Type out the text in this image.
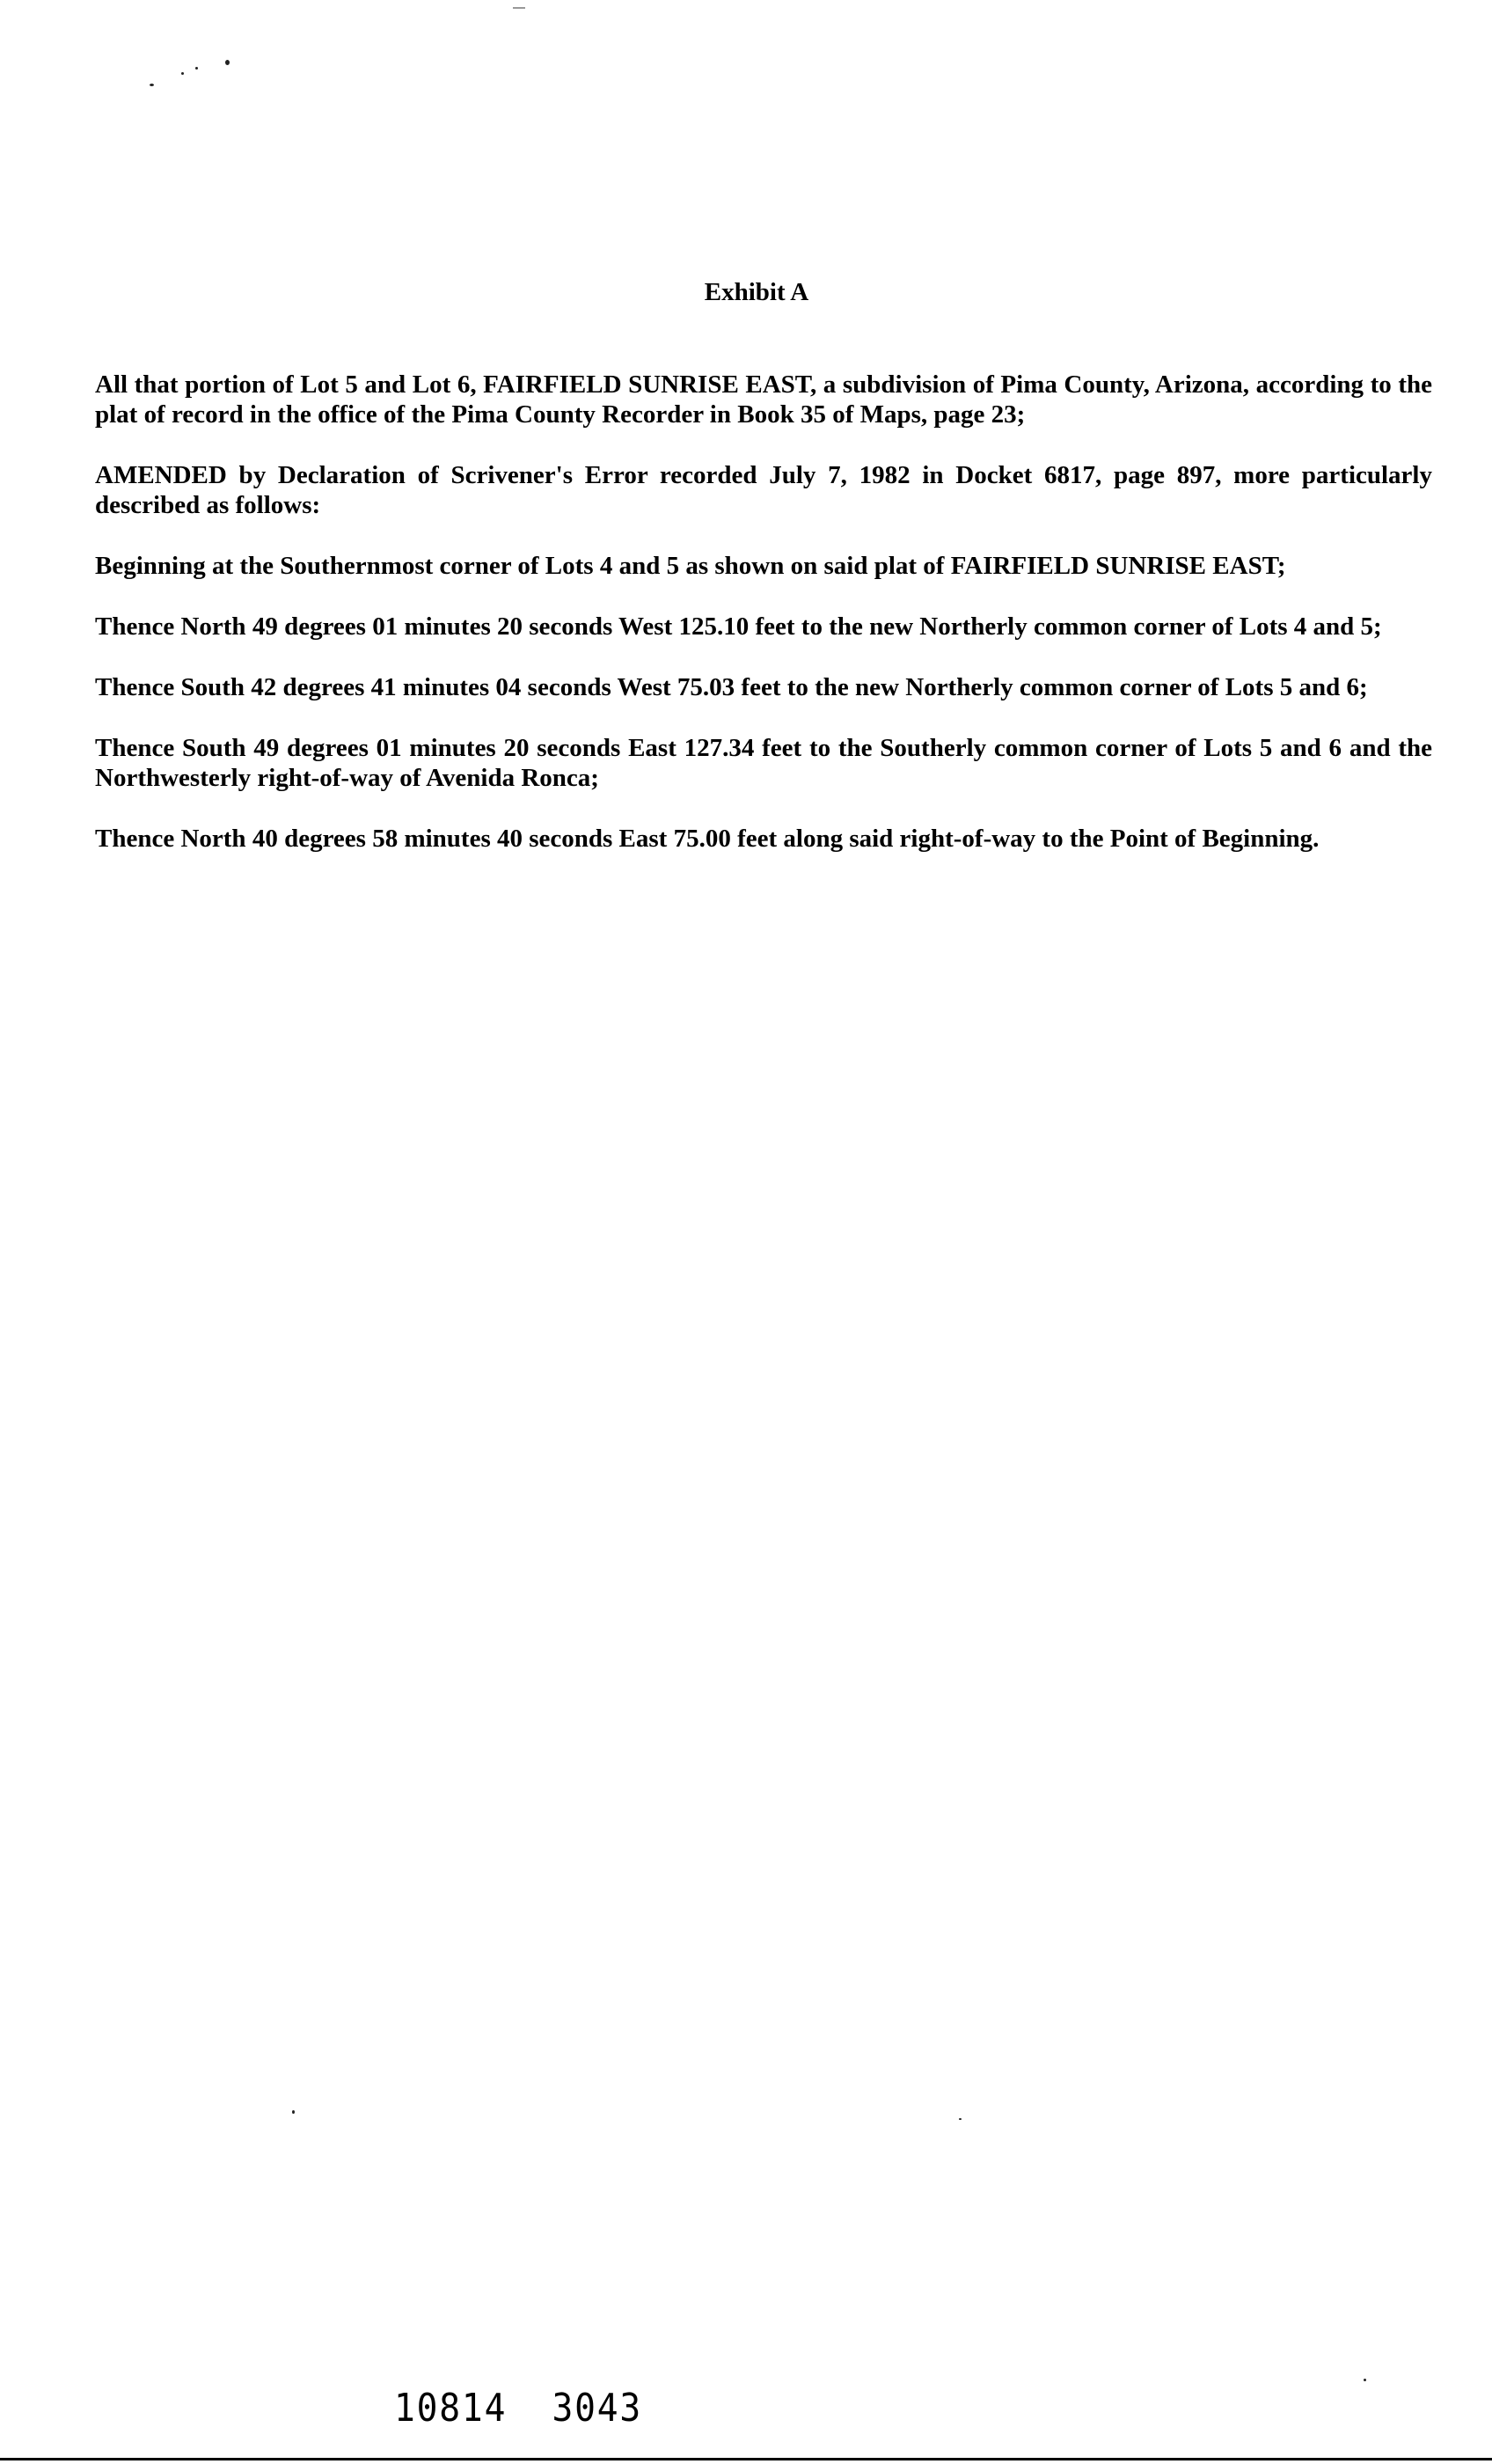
Exhibit A

All that portion of Lot 5 and Lot 6, FAIRFIELD SUNRISE EAST, a subdivision of Pima County, Arizona, according to the plat of record in the office of the Pima County Recorder in Book 35 of Maps, page 23;

AMENDED by Declaration of Scrivener's Error recorded July 7, 1982 in Docket 6817, page 897, more particularly described as follows:

Beginning at the Southernmost corner of Lots 4 and 5 as shown on said plat of FAIRFIELD SUNRISE EAST;

Thence North 49 degrees 01 minutes 20 seconds West 125.10 feet to the new Northerly common corner of Lots 4 and 5;

Thence South 42 degrees 41 minutes 04 seconds West 75.03 feet to the new Northerly common corner of Lots 5 and 6;

Thence South 49 degrees 01 minutes 20 seconds East 127.34 feet to the Southerly common corner of Lots 5 and 6 and the Northwesterly right-of-way of Avenida Ronca;

Thence North 40 degrees 58 minutes 40 seconds East 75.00 feet along said right-of-way to the Point of Beginning.

10814  3043
